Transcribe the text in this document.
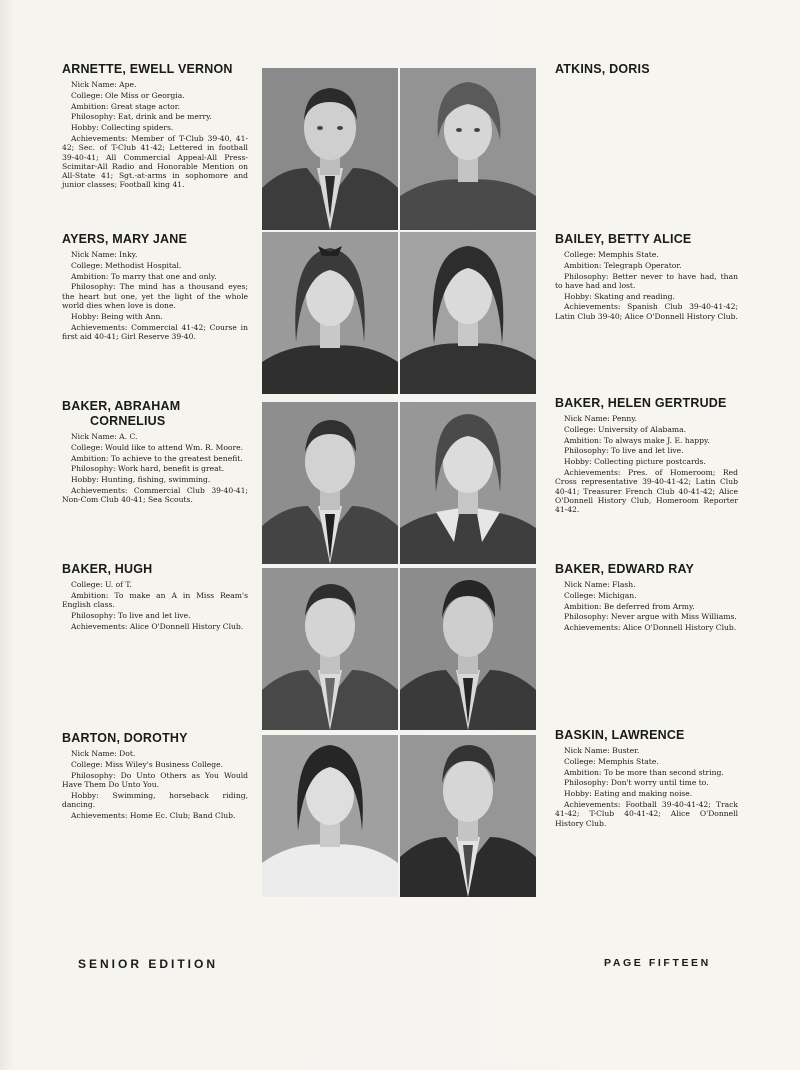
ARNETTE, EWELL VERNON
Nick Name: Ape.
College: Ole Miss or Georgia.
Ambition: Great stage actor.
Philosophy: Eat, drink and be merry.
Hobby: Collecting spiders.
Achievements: Member of T-Club 39-40, 41-42; Sec. of T-Club 41-42; Lettered in football 39-40-41; All Commercial Appeal-All Press-Scimitar-All Radio and Honorable Mention on All-State 41; Sgt.-at-arms in sophomore and junior classes; Football king 41.
ATKINS, DORIS
AYERS, MARY JANE
Nick Name: Inky.
College: Methodist Hospital.
Ambition: To marry that one and only.
Philosophy: The mind has a thousand eyes; the heart but one, yet the light of the whole world dies when love is done.
Hobby: Being with Ann.
Achievements: Commercial 41-42; Course in first aid 40-41; Girl Reserve 39-40.
BAILEY, BETTY ALICE
College: Memphis State.
Ambition: Telegraph Operator.
Philosophy: Better never to have had, than to have had and lost.
Hobby: Skating and reading.
Achievements: Spanish Club 39-40-41-42; Latin Club 39-40; Alice O'Donnell History Club.
BAKER, ABRAHAM
CORNELIUS
Nick Name: A. C.
College: Would like to attend Wm. R. Moore.
Ambition: To achieve to the greatest benefit.
Philosophy: Work hard, benefit is great.
Hobby: Hunting, fishing, swimming.
Achievements: Commercial Club 39-40-41; Non-Com Club 40-41; Sea Scouts.
BAKER, HELEN GERTRUDE
Nick Name: Penny.
College: University of Alabama.
Ambition: To always make J. E. happy.
Philosophy: To live and let live.
Hobby: Collecting picture postcards.
Achievements: Pres. of Homeroom; Red Cross representative 39-40-41-42; Latin Club 40-41; Treasurer French Club 40-41-42; Alice O'Donnell History Club, Homeroom Reporter 41-42.
BAKER, HUGH
College: U. of T.
Ambition: To make an A in Miss Ream's English class.
Philosophy: To live and let live.
Achievements: Alice O'Donnell History Club.
BAKER, EDWARD RAY
Nick Name: Flash.
College: Michigan.
Ambition: Be deferred from Army.
Philosophy: Never argue with Miss Williams.
Achievements: Alice O'Donnell History Club.
BARTON, DOROTHY
Nick Name: Dot.
College: Miss Wiley's Business College.
Philosophy: Do Unto Others as You Would Have Them Do Unto You.
Hobby: Swimming, horseback riding, dancing.
Achievements: Home Ec. Club; Band Club.
BASKIN, LAWRENCE
Nick Name: Buster.
College: Memphis State.
Ambition: To be more than second string.
Philosophy: Don't worry until time to.
Hobby: Eating and making noise.
Achievements: Football 39-40-41-42; Track 41-42; T-Club 40-41-42; Alice O'Donnell History Club.
SENIOR EDITION	PAGE FIFTEEN
